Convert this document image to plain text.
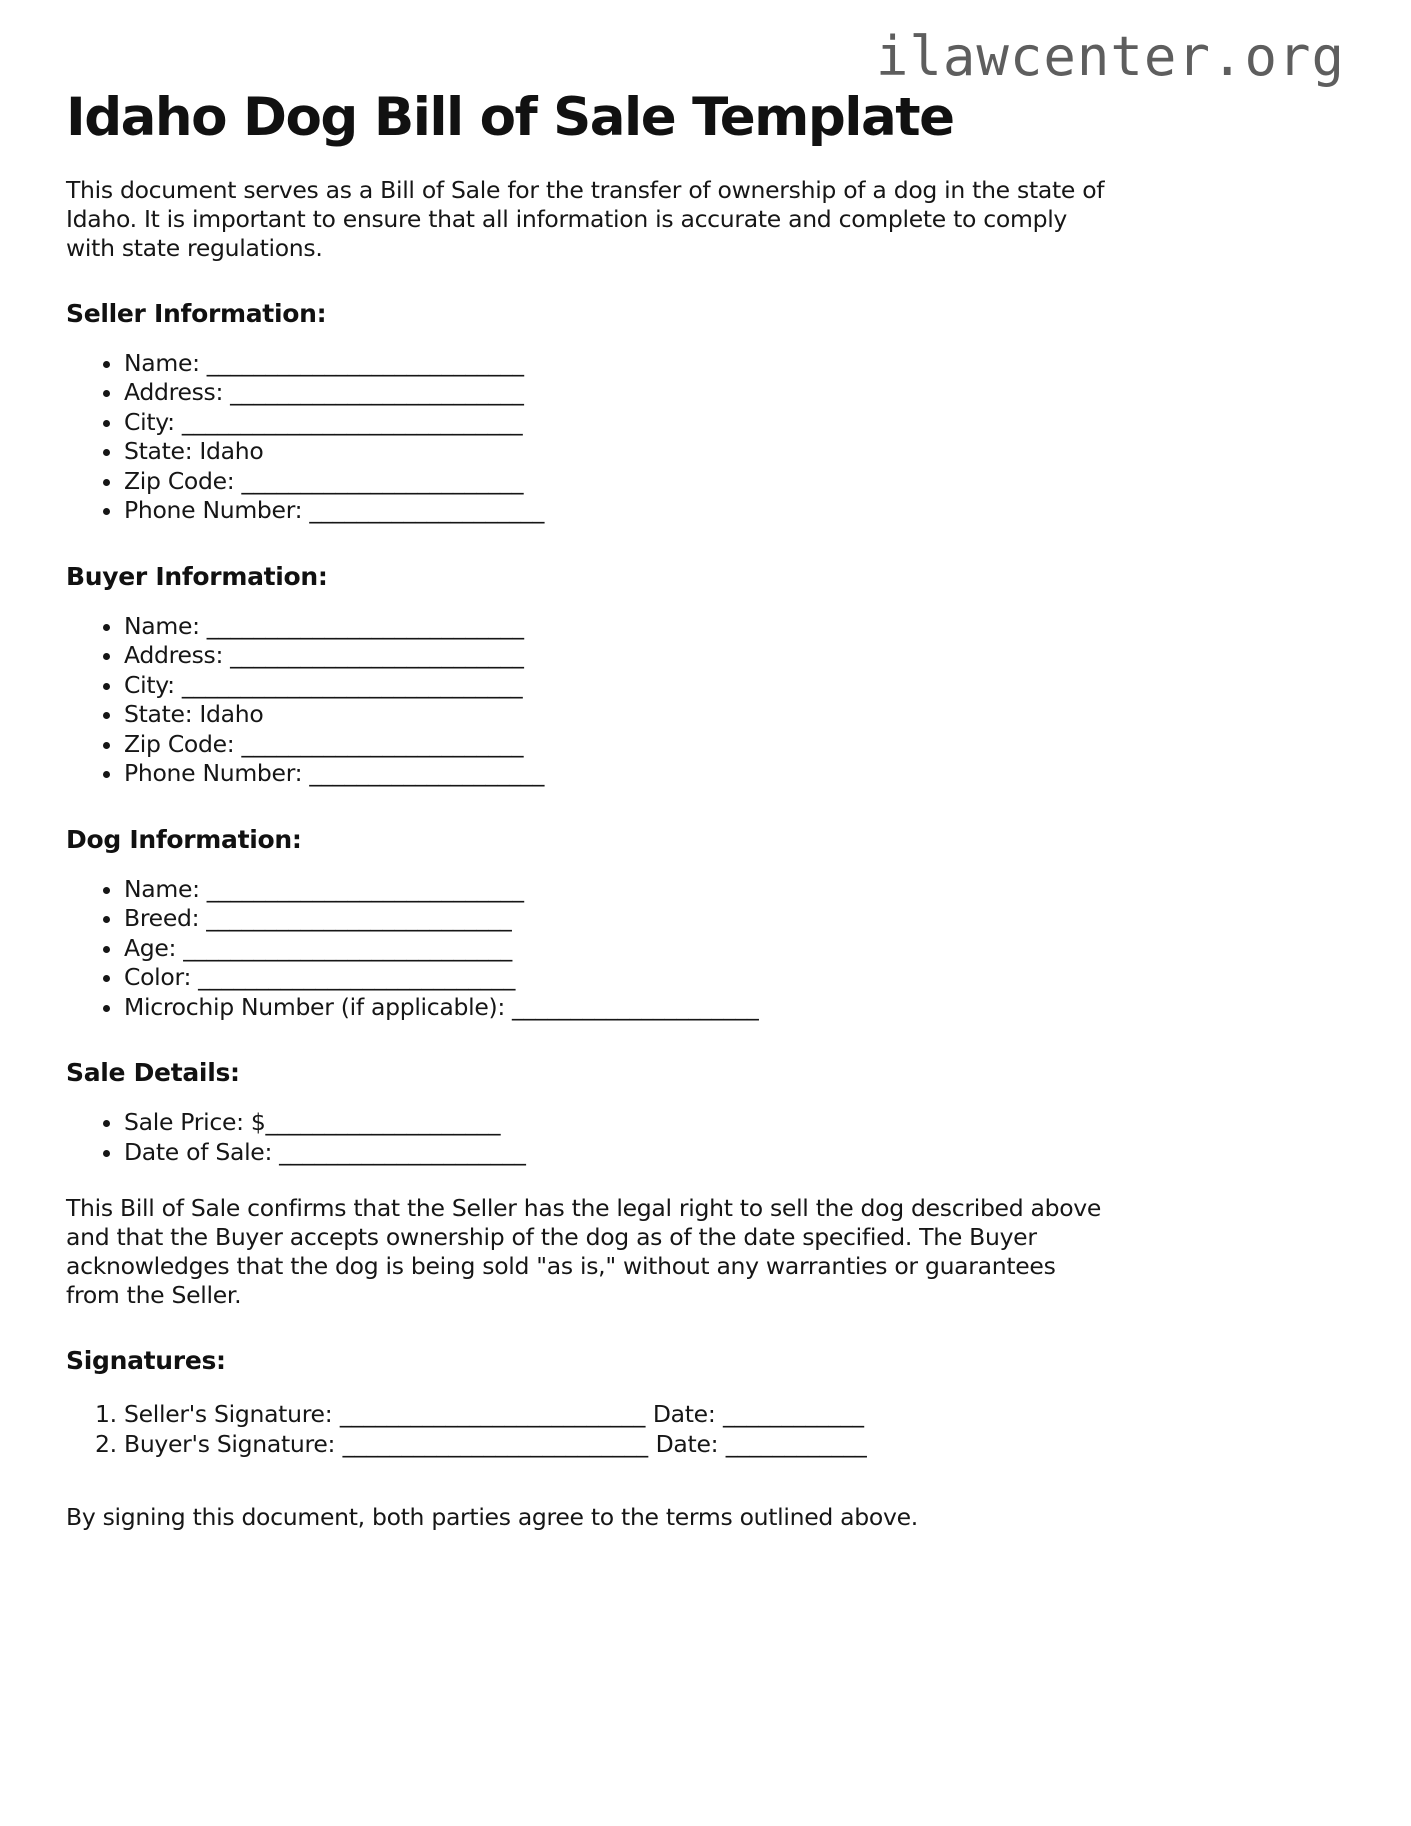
ilawcenter.org
Idaho Dog Bill of Sale Template
This document serves as a Bill of Sale for the transfer of ownership of a dog in the state of
Idaho. It is important to ensure that all information is accurate and complete to comply
with state regulations.
Seller Information:
• Name: ___________________________
• Address: _________________________
• City: _____________________________
• State: Idaho
• Zip Code: ________________________
• Phone Number: ____________________
Buyer Information:
• Name: ___________________________
• Address: _________________________
• City: _____________________________
• State: Idaho
• Zip Code: ________________________
• Phone Number: ____________________
Dog Information:
• Name: ___________________________
• Breed: __________________________
• Age: ____________________________
• Color: ___________________________
• Microchip Number (if applicable): _____________________
Sale Details:
• Sale Price: $____________________
• Date of Sale: _____________________
This Bill of Sale confirms that the Seller has the legal right to sell the dog described above
and that the Buyer accepts ownership of the dog as of the date specified. The Buyer
acknowledges that the dog is being sold "as is," without any warranties or guarantees
from the Seller.
Signatures:
1. Seller's Signature: __________________________ Date: ____________
2. Buyer's Signature: __________________________ Date: ____________
By signing this document, both parties agree to the terms outlined above.
